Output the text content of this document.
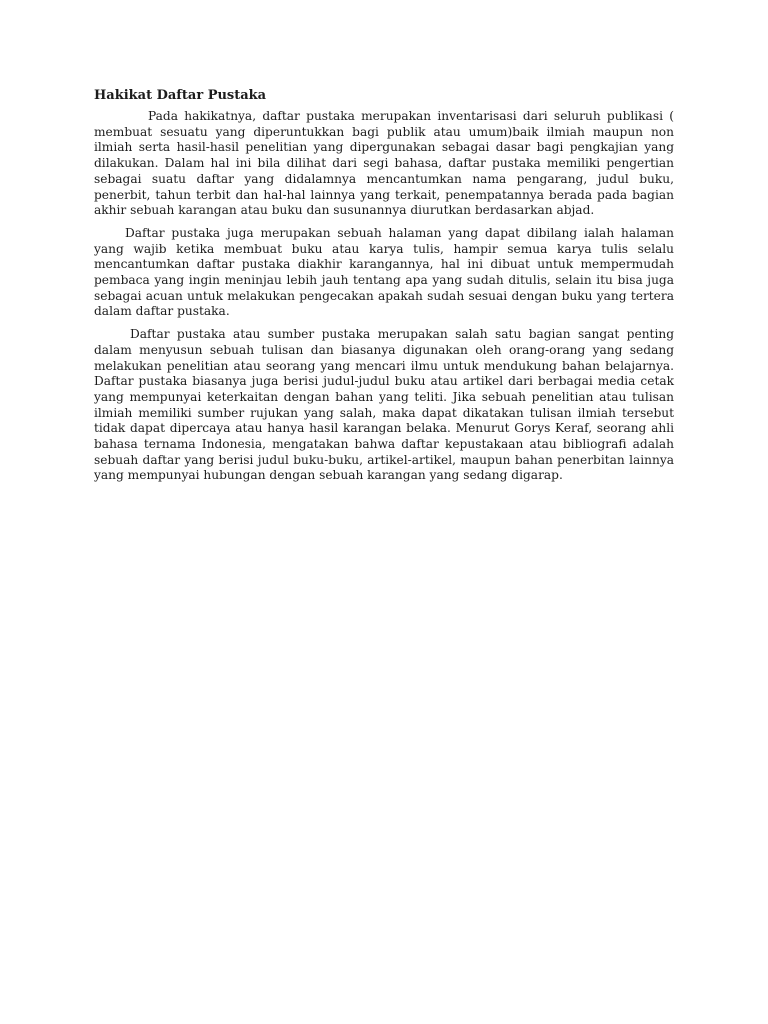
Hakikat Daftar Pustaka

Pada hakikatnya, daftar pustaka merupakan inventarisasi dari seluruh publikasi ( membuat sesuatu yang diperuntukkan bagi publik atau umum)baik ilmiah maupun non ilmiah serta hasil-hasil penelitian yang dipergunakan sebagai dasar bagi pengkajian yang dilakukan. Dalam hal ini bila dilihat dari segi bahasa, daftar pustaka memiliki pengertian sebagai suatu daftar yang didalamnya mencantumkan nama pengarang, judul buku, penerbit, tahun terbit dan hal-hal lainnya yang terkait, penempatannya berada pada bagian akhir sebuah karangan atau buku dan susunannya diurutkan berdasarkan abjad.

Daftar pustaka juga merupakan sebuah halaman yang dapat dibilang ialah halaman yang wajib ketika membuat buku atau karya tulis, hampir semua karya tulis selalu mencantumkan daftar pustaka diakhir karangannya, hal ini dibuat untuk mempermudah pembaca yang ingin meninjau lebih jauh tentang apa yang sudah ditulis, selain itu bisa juga sebagai acuan untuk melakukan pengecakan apakah sudah sesuai dengan buku yang tertera dalam daftar pustaka.

Daftar pustaka atau sumber pustaka merupakan salah satu bagian sangat penting dalam menyusun sebuah tulisan dan biasanya digunakan oleh orang-orang yang sedang melakukan penelitian atau seorang yang mencari ilmu untuk mendukung bahan belajarnya. Daftar pustaka biasanya juga berisi judul-judul buku atau artikel dari berbagai media cetak yang mempunyai keterkaitan dengan bahan yang teliti. Jika sebuah penelitian atau tulisan ilmiah memiliki sumber rujukan yang salah, maka dapat dikatakan tulisan ilmiah tersebut tidak dapat dipercaya atau hanya hasil karangan belaka. Menurut Gorys Keraf, seorang ahli bahasa ternama Indonesia, mengatakan bahwa daftar kepustakaan atau bibliografi adalah sebuah daftar yang berisi judul buku-buku, artikel-artikel, maupun bahan penerbitan lainnya yang mempunyai hubungan dengan sebuah karangan yang sedang digarap.
